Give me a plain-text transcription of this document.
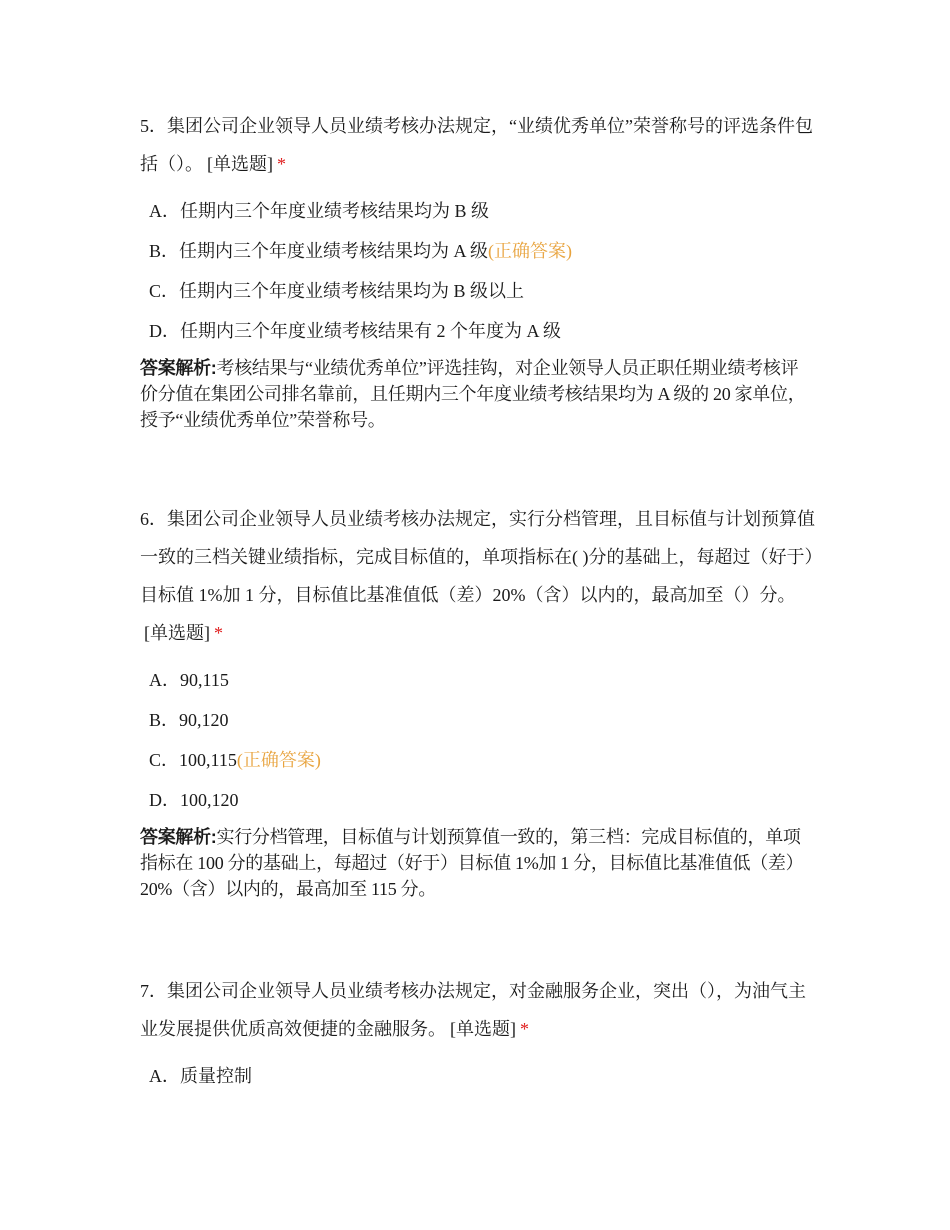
5．集团公司企业领导人员业绩考核办法规定，“业绩优秀单位”荣誉称号的评选条件包括（）。 [单选题] *

A．任期内三个年度业绩考核结果均为 B 级
B．任期内三个年度业绩考核结果均为 A 级(正确答案)
C．任期内三个年度业绩考核结果均为 B 级以上
D．任期内三个年度业绩考核结果有 2 个年度为 A 级

答案解析:考核结果与“业绩优秀单位”评选挂钩，对企业领导人员正职任期业绩考核评价分值在集团公司排名靠前，且任期内三个年度业绩考核结果均为 A 级的 20 家单位，授予“业绩优秀单位”荣誉称号。

6．集团公司企业领导人员业绩考核办法规定，实行分档管理，且目标值与计划预算值一致的三档关键业绩指标，完成目标值的，单项指标在( )分的基础上，每超过（好于）目标值 1%加 1 分，目标值比基准值低（差）20%（含）以内的，最高加至（）分。[单选题] *

A．90,115
B．90,120
C．100,115(正确答案)
D．100,120

答案解析:实行分档管理，目标值与计划预算值一致的，第三档：完成目标值的，单项指标在 100 分的基础上，每超过（好于）目标值 1%加 1 分，目标值比基准值低（差）20%（含）以内的，最高加至 115 分。

7．集团公司企业领导人员业绩考核办法规定，对金融服务企业，突出（），为油气主业发展提供优质高效便捷的金融服务。 [单选题] *

A．质量控制
